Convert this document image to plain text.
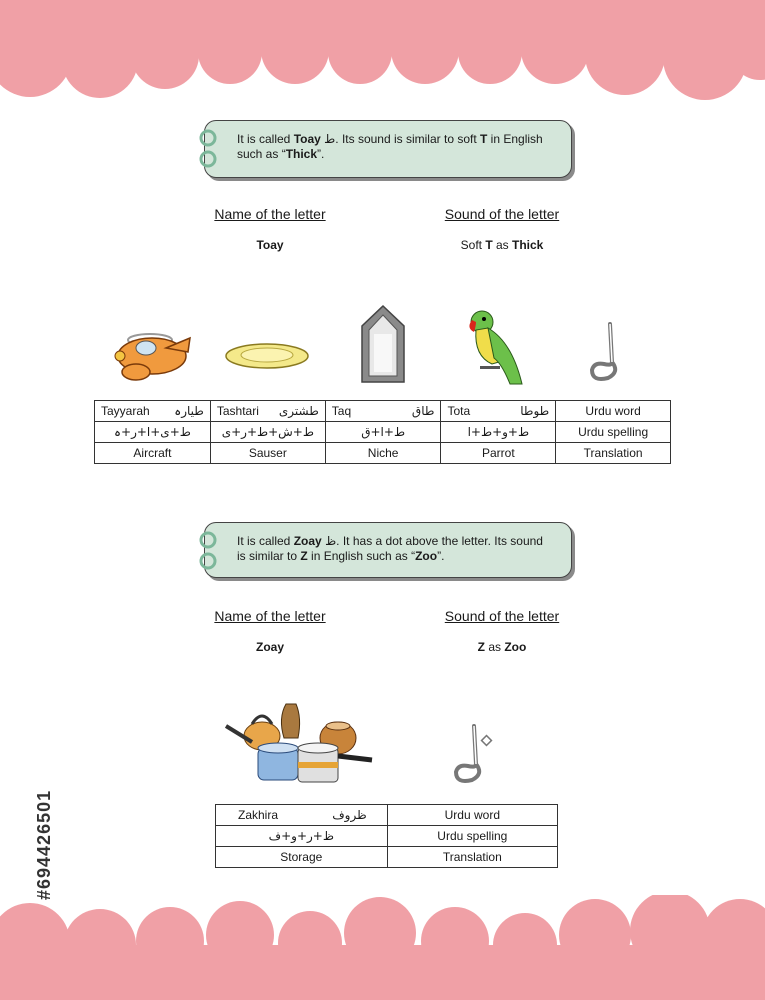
It is called Toay ط. Its sound is similar to soft T in English
such as “Thick”.
Name of the letter	Sound of the letter
Toay	Soft T as Thick
Tayyarah طیارہ	Tashtari طشتری	Taq طاق	Tota طوطا	Urdu word
ط+ی+ا+ر+ہ	ط+ش+ط+ر+ی	ط+ا+ق	ط+و+ط+ا	Urdu spelling
Aircraft	Sauser	Niche	Parrot	Translation
It is called Zoay ظ. It has a dot above the letter. Its sound
is similar to Z in English such as “Zoo”.
Name of the letter	Sound of the letter
Zoay	Z as Zoo
Zakhira ظروف	Urdu word
ظ+ر+و+ف	Urdu spelling
Storage	Translation
#694426501
